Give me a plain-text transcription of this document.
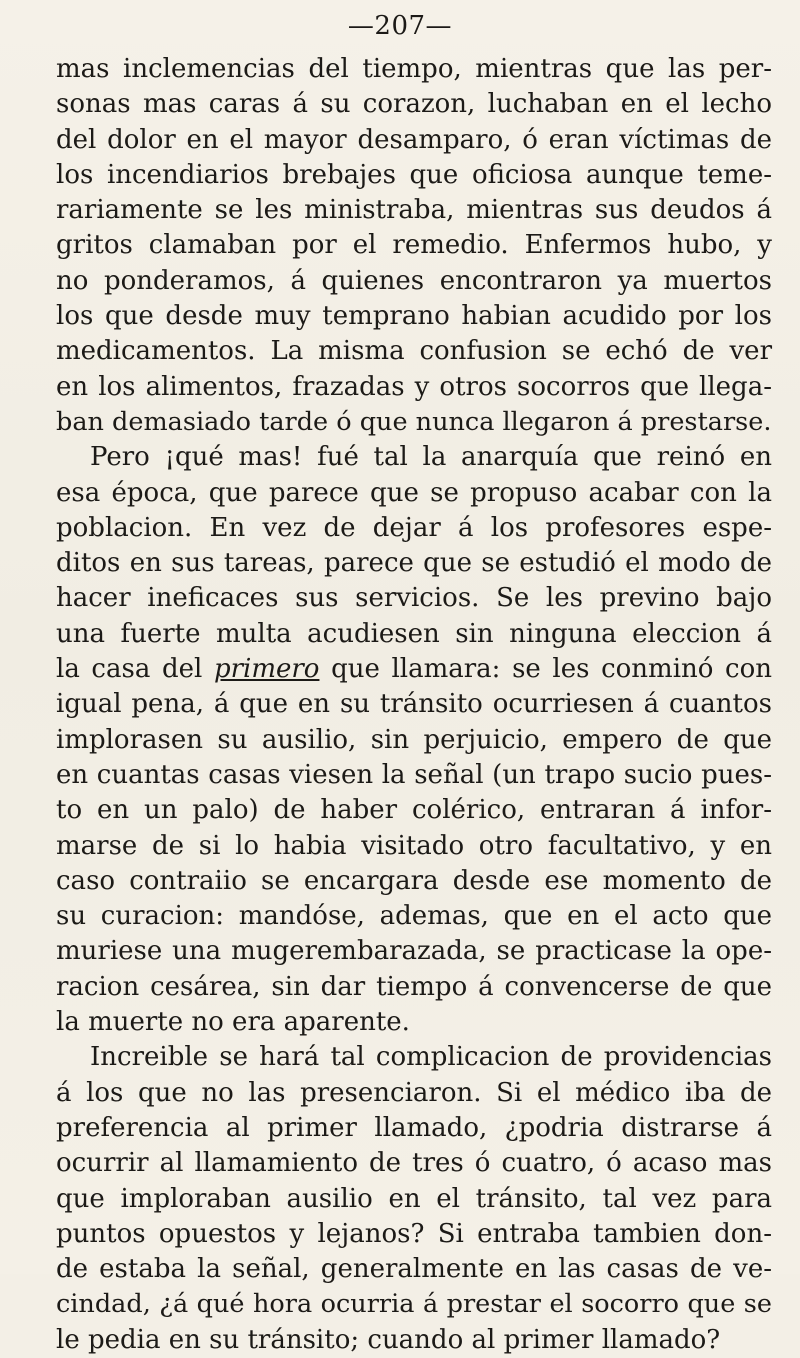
—207—
mas inclemencias del tiempo, mientras que las per-
sonas mas caras á su corazon, luchaban en el lecho
del dolor en el mayor desamparo, ó eran víctimas de
los incendiarios brebajes que oficiosa aunque teme-
rariamente se les ministraba, mientras sus deudos á
gritos clamaban por el remedio. Enfermos hubo, y
no ponderamos, á quienes encontraron ya muertos
los que desde muy temprano habian acudido por los
medicamentos. La misma confusion se echó de ver
en los alimentos, frazadas y otros socorros que llega-
ban demasiado tarde ó que nunca llegaron á prestarse.
Pero ¡qué mas! fué tal la anarquía que reinó en
esa época, que parece que se propuso acabar con la
poblacion. En vez de dejar á los profesores espe-
ditos en sus tareas, parece que se estudió el modo de
hacer ineficaces sus servicios. Se les previno bajo
una fuerte multa acudiesen sin ninguna eleccion á
la casa del primero que llamara: se les conminó con
igual pena, á que en su tránsito ocurriesen á cuantos
implorasen su ausilio, sin perjuicio, empero de que
en cuantas casas viesen la señal (un trapo sucio pues-
to en un palo) de haber colérico, entraran á infor-
marse de si lo habia visitado otro facultativo, y en
caso contraiio se encargara desde ese momento de
su curacion: mandóse, ademas, que en el acto que
muriese una mugerembarazada, se practicase la ope-
racion cesárea, sin dar tiempo á convencerse de que
la muerte no era aparente.
Increible se hará tal complicacion de providencias
á los que no las presenciaron. Si el médico iba de
preferencia al primer llamado, ¿podria distrarse á
ocurrir al llamamiento de tres ó cuatro, ó acaso mas
que imploraban ausilio en el tránsito, tal vez para
puntos opuestos y lejanos? Si entraba tambien don-
de estaba la señal, generalmente en las casas de ve-
cindad, ¿á qué hora ocurria á prestar el socorro que se
le pedia en su tránsito; cuando al primer llamado?
